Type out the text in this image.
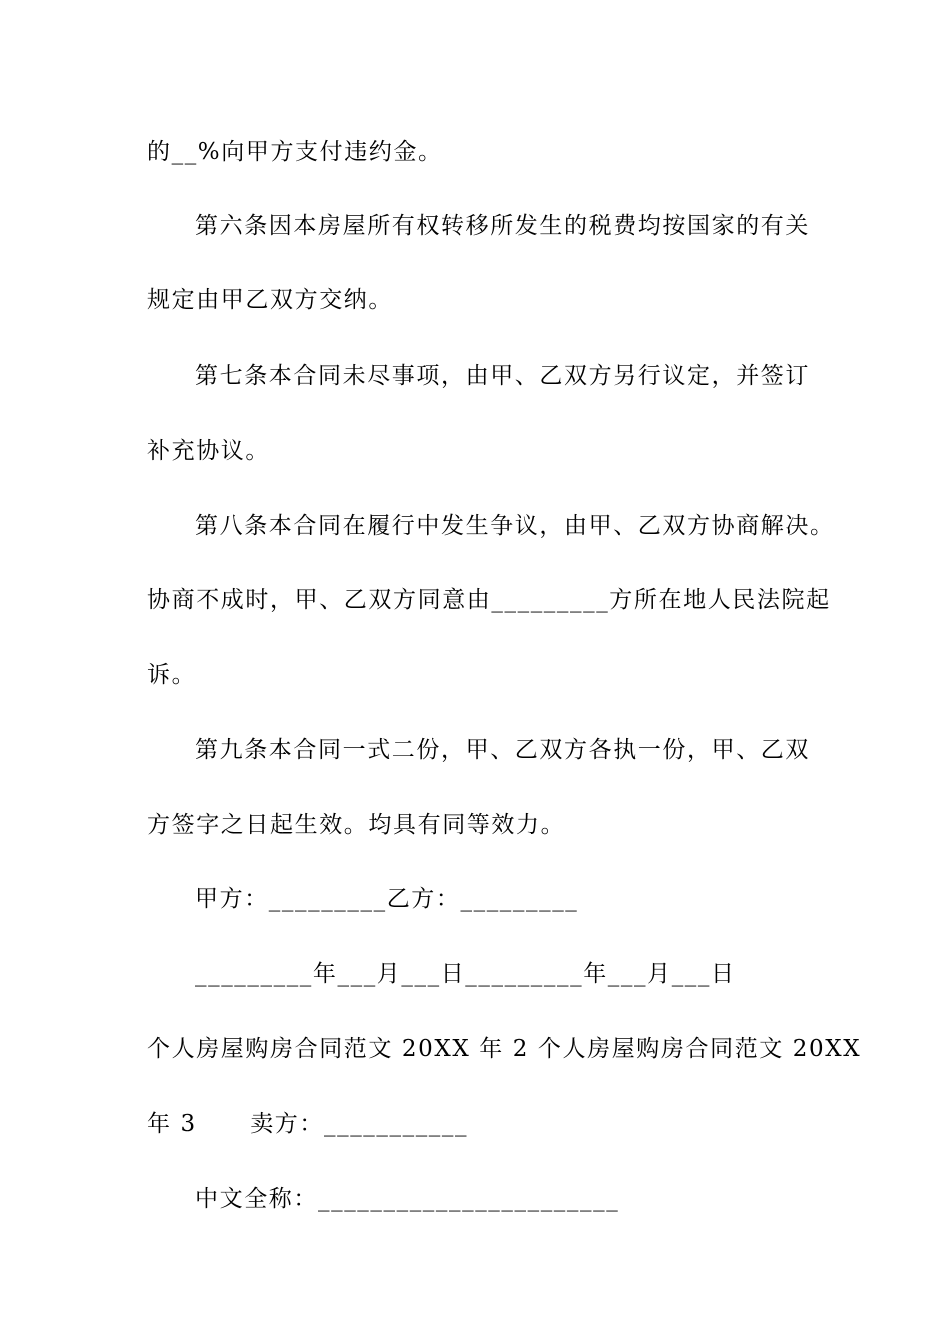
的__%向甲方支付违约金。
第六条因本房屋所有权转移所发生的税费均按国家的有关
规定由甲乙双方交纳。
第七条本合同未尽事项，由甲、乙双方另行议定，并签订
补充协议。
第八条本合同在履行中发生争议，由甲、乙双方协商解决。
协商不成时，甲、乙双方同意由_________方所在地人民法院起
诉。
第九条本合同一式二份，甲、乙双方各执一份，甲、乙双
方签字之日起生效。均具有同等效力。
甲方：_________乙方：_________
_________年___月___日_________年___月___日
个人房屋购房合同范文 20XX 年 2 个人房屋购房合同范文 20XX
年 3      卖方：___________
中文全称：_______________________
